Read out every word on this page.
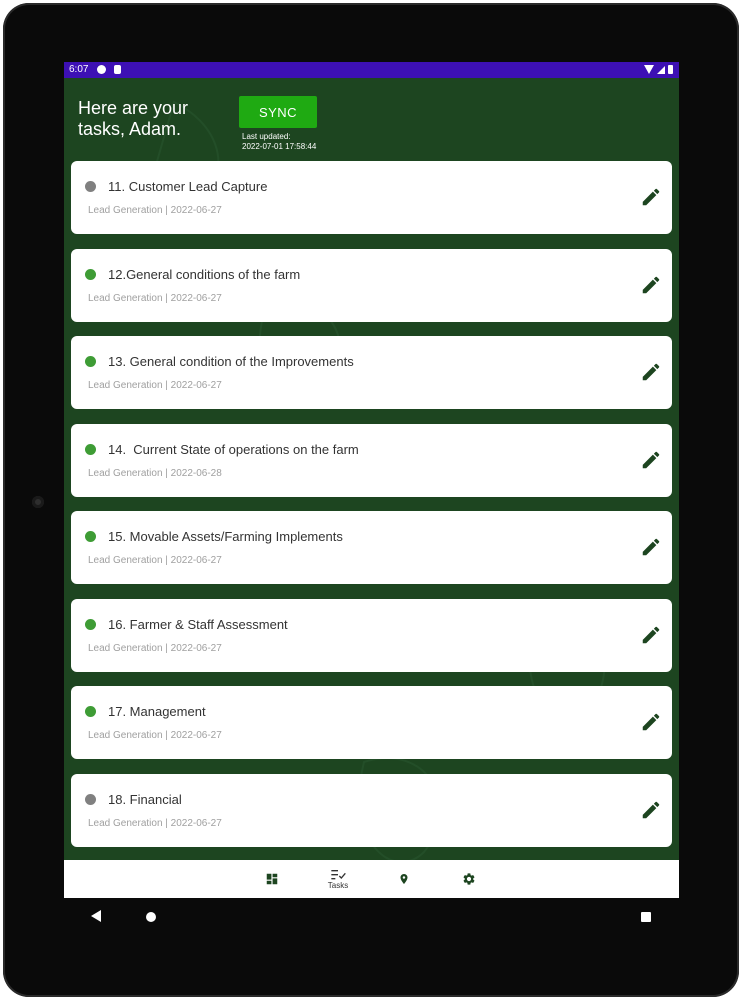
6:07
Here are your tasks, Adam.
SYNC
Last updated:
2022-07-01 17:58:44
11. Customer Lead Capture
Lead Generation | 2022-06-27
12.General conditions of the farm
Lead Generation | 2022-06-27
13. General condition of the Improvements
Lead Generation | 2022-06-27
14.  Current State of operations on the farm
Lead Generation | 2022-06-28
15. Movable Assets/Farming Implements
Lead Generation | 2022-06-27
16. Farmer & Staff Assessment
Lead Generation | 2022-06-27
17. Management
Lead Generation | 2022-06-27
18. Financial
Lead Generation | 2022-06-27
Tasks
